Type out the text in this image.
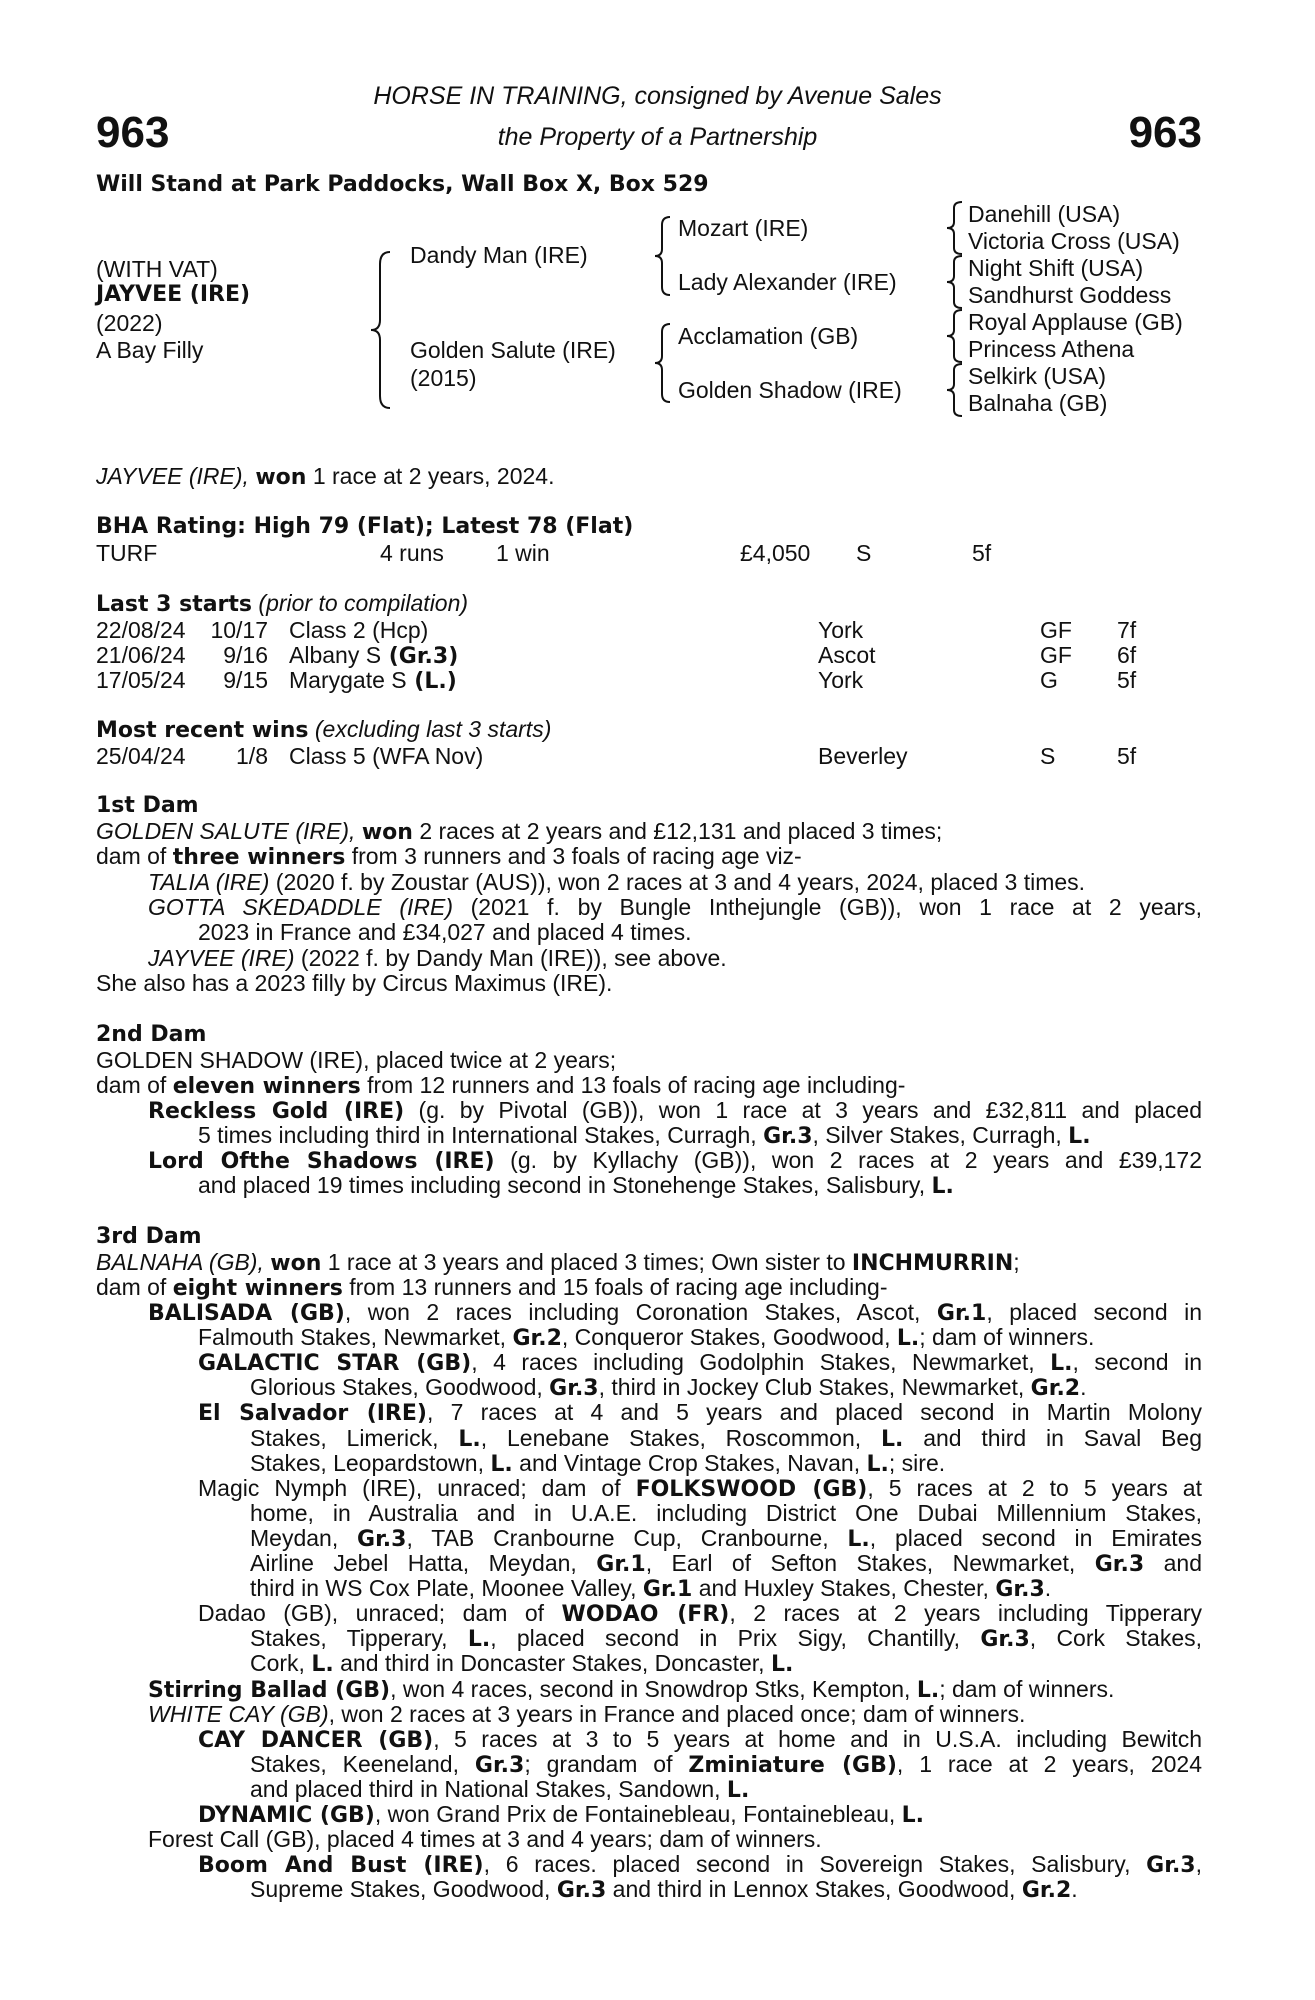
963	963
HORSE IN TRAINING, consigned by Avenue Sales
the Property of a Partnership
Will Stand at Park Paddocks, Wall Box X, Box 529
(WITH VAT)
JAYVEE (IRE)
(2022)
A Bay Filly
Dandy Man (IRE)
Golden Salute (IRE)
(2015)
Mozart (IRE)
Lady Alexander (IRE)
Acclamation (GB)
Golden Shadow (IRE)
Danehill (USA)
Victoria Cross (USA)
Night Shift (USA)
Sandhurst Goddess
Royal Applause (GB)
Princess Athena
Selkirk (USA)
Balnaha (GB)
JAYVEE (IRE), won 1 race at 2 years, 2024.
BHA Rating: High 79 (Flat); Latest 78 (Flat)
TURF	4 runs 1 win	£4,050 S	5f
Last 3 starts (prior to compilation)
22/08/24 10/17 Class 2 (Hcp)	York	GF 7f
21/06/24 9/16 Albany S (Gr.3)	Ascot	GF 6f
17/05/24 9/15 Marygate S (L.)	York	G	5f
Most recent wins (excluding last 3 starts)
25/04/24 1/8 Class 5 (WFA Nov)	Beverley	S	5f
1st Dam
GOLDEN SALUTE (IRE), won 2 races at 2 years and £12,131 and placed 3 times;
dam of three winners from 3 runners and 3 foals of racing age viz-
TALIA (IRE) (2020 f. by Zoustar (AUS)), won 2 races at 3 and 4 years, 2024, placed 3 times.
GOTTA SKEDADDLE (IRE) (2021 f. by Bungle Inthejungle (GB)), won 1 race at 2 years,
2023 in France and £34,027 and placed 4 times.
JAYVEE (IRE) (2022 f. by Dandy Man (IRE)), see above.
She also has a 2023 filly by Circus Maximus (IRE).
2nd Dam
GOLDEN SHADOW (IRE), placed twice at 2 years;
dam of eleven winners from 12 runners and 13 foals of racing age including-
Reckless Gold (IRE) (g. by Pivotal (GB)), won 1 race at 3 years and £32,811 and placed
5 times including third in International Stakes, Curragh, Gr.3, Silver Stakes, Curragh, L.
Lord Ofthe Shadows (IRE) (g. by Kyllachy (GB)), won 2 races at 2 years and £39,172
and placed 19 times including second in Stonehenge Stakes, Salisbury, L.
3rd Dam
BALNAHA (GB), won 1 race at 3 years and placed 3 times; Own sister to INCHMURRIN;
dam of eight winners from 13 runners and 15 foals of racing age including-
BALISADA (GB), won 2 races including Coronation Stakes, Ascot, Gr.1, placed second in
Falmouth Stakes, Newmarket, Gr.2, Conqueror Stakes, Goodwood, L.; dam of winners.
GALACTIC STAR (GB), 4 races including Godolphin Stakes, Newmarket, L., second in
Glorious Stakes, Goodwood, Gr.3, third in Jockey Club Stakes, Newmarket, Gr.2.
El Salvador (IRE), 7 races at 4 and 5 years and placed second in Martin Molony
Stakes, Limerick, L., Lenebane Stakes, Roscommon, L. and third in Saval Beg
Stakes, Leopardstown, L. and Vintage Crop Stakes, Navan, L.; sire.
Magic Nymph (IRE), unraced; dam of FOLKSWOOD (GB), 5 races at 2 to 5 years at
home, in Australia and in U.A.E. including District One Dubai Millennium Stakes,
Meydan, Gr.3, TAB Cranbourne Cup, Cranbourne, L., placed second in Emirates
Airline Jebel Hatta, Meydan, Gr.1, Earl of Sefton Stakes, Newmarket, Gr.3 and
third in WS Cox Plate, Moonee Valley, Gr.1 and Huxley Stakes, Chester, Gr.3.
Dadao (GB), unraced; dam of WODAO (FR), 2 races at 2 years including Tipperary
Stakes, Tipperary, L., placed second in Prix Sigy, Chantilly, Gr.3, Cork Stakes,
Cork, L. and third in Doncaster Stakes, Doncaster, L.
Stirring Ballad (GB), won 4 races, second in Snowdrop Stks, Kempton, L.; dam of winners.
WHITE CAY (GB), won 2 races at 3 years in France and placed once; dam of winners.
CAY DANCER (GB), 5 races at 3 to 5 years at home and in U.S.A. including Bewitch
Stakes, Keeneland, Gr.3; grandam of Zminiature (GB), 1 race at 2 years, 2024
and placed third in National Stakes, Sandown, L.
DYNAMIC (GB), won Grand Prix de Fontainebleau, Fontainebleau, L.
Forest Call (GB), placed 4 times at 3 and 4 years; dam of winners.
Boom And Bust (IRE), 6 races. placed second in Sovereign Stakes, Salisbury, Gr.3,
Supreme Stakes, Goodwood, Gr.3 and third in Lennox Stakes, Goodwood, Gr.2.
